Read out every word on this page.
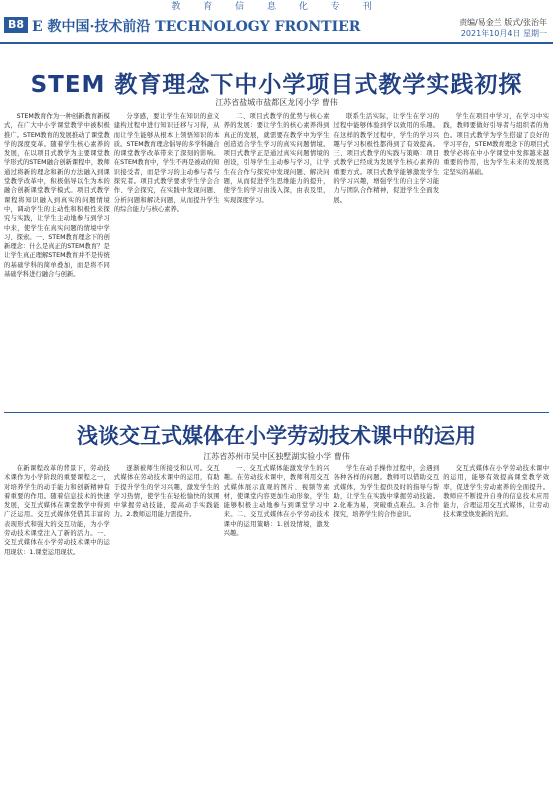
教 育 信 息 化 专 刊
B8 E 教中国·技术前沿 TECHNOLOGY FRONTIER	责编/易金兰 版式/张治年
2021年10月4日 星期一
STEM 教育理念下中小学项目式教学实践初探
江苏省盐城市盐都区龙冈小学 曹伟

STEM教育作为一种创新教育新模式，在广大中小学课堂教学中被积极推广。STEM教育的发展推动了课堂教学的深度变革。随着学生核心素养的发展，在以项目式教学为主要课堂教学形式的STEM融合创新课程中，教师通过将新的理念和新的方法融入到课堂教学改革中，积极倡导以生为本的融合创新课堂教学模式。项目式教学课程将知识融入到真实的问题情境中，调动学生的主动性和积极性来探究与实践，让学生主动地参与到学习中来，使学生在真实问题的情境中学习、探索。一、STEM教育理念下的创新理念：什么是真正的STEM教育？是让学生真正理解STEM教育并不是传统的基础学科的简单叠加，而是将不同基础学科进行融合与创新。

分享感，要让学生在知识的意义建构过程中进行知识迁移与习得，从而让学生能够从根本上领悟知识的本质。STEM教育理念倡导的多学科融合的课堂教学改革带来了深刻的影响。在STEM教育中，学生不再是被动的知识接受者，而是学习的主动参与者与探究者。项目式教学要求学生学会合作、学会探究，在实践中发现问题、分析问题和解决问题，从而提升学生的综合能力与核心素养。

二、项目式教学的优势与核心素养的发展：要让学生的核心素养得到真正的发展，就需要在教学中为学生创造适合学生学习的真实问题情境。项目式教学正是通过真实问题情境的创设，引导学生主动参与学习，让学生在合作与探究中发现问题、解决问题，从而促进学生思维能力的提升，使学生的学习由浅入深，由表及里，实现深度学习。

联系生活实际，让学生在学习的过程中能够体验到学以致用的乐趣。在这样的教学过程中，学生的学习兴趣与学习积极性都得到了有效提高。三、项目式教学的实践与策略：项目式教学已经成为发展学生核心素养的重要方式。项目式教学能够激发学生的学习兴趣，增强学生的自主学习能力与团队合作精神，促进学生全面发展。

学生在项目中学习，在学习中实践，教师要做好引导者与组织者的角色。项目式教学为学生搭建了良好的学习平台，STEM教育理念下的项目式教学必将在中小学课堂中发挥越来越重要的作用，也为学生未来的发展奠定坚实的基础。

浅谈交互式媒体在小学劳动技术课中的运用
江苏省苏州市吴中区独墅湖实验小学 曹伟

在新课程改革的背景下，劳动技术课作为小学阶段的重要课程之一，对培养学生的动手能力和创新精神有着重要的作用。随着信息技术的快速发展，交互式媒体在课堂教学中得到广泛运用。交互式媒体凭借其丰富的表现形式和强大的交互功能，为小学劳动技术课堂注入了新的活力。一、交互式媒体在小学劳动技术课中的运用现状：1.课堂运用现状。

逐渐被师生所接受和认可。交互式媒体在劳动技术课中的运用，有助于提升学生的学习兴趣，激发学生的学习热情，使学生在轻松愉快的氛围中掌握劳动技能，提高动手实践能力。2.教师运用能力需提升。

一、交互式媒体能激发学生的兴趣。在劳动技术课中，教师利用交互式媒体展示直观的图片、视频等素材，使课堂内容更加生动形象，学生能够积极主动地参与到课堂学习中来。二、交互式媒体在小学劳动技术课中的运用策略：1.创设情境，激发兴趣。

学生在动手操作过程中，会遇到各种各样的问题。教师可以借助交互式媒体，为学生提供及时的指导与帮助，让学生在实践中掌握劳动技能。2.化难为易，突破重点难点。3.合作探究，培养学生的合作意识。

交互式媒体在小学劳动技术课中的运用，能够有效提高课堂教学效率，促进学生劳动素养的全面提升。教师应不断提升自身的信息技术应用能力，合理运用交互式媒体，让劳动技术课堂焕发新的光彩。
